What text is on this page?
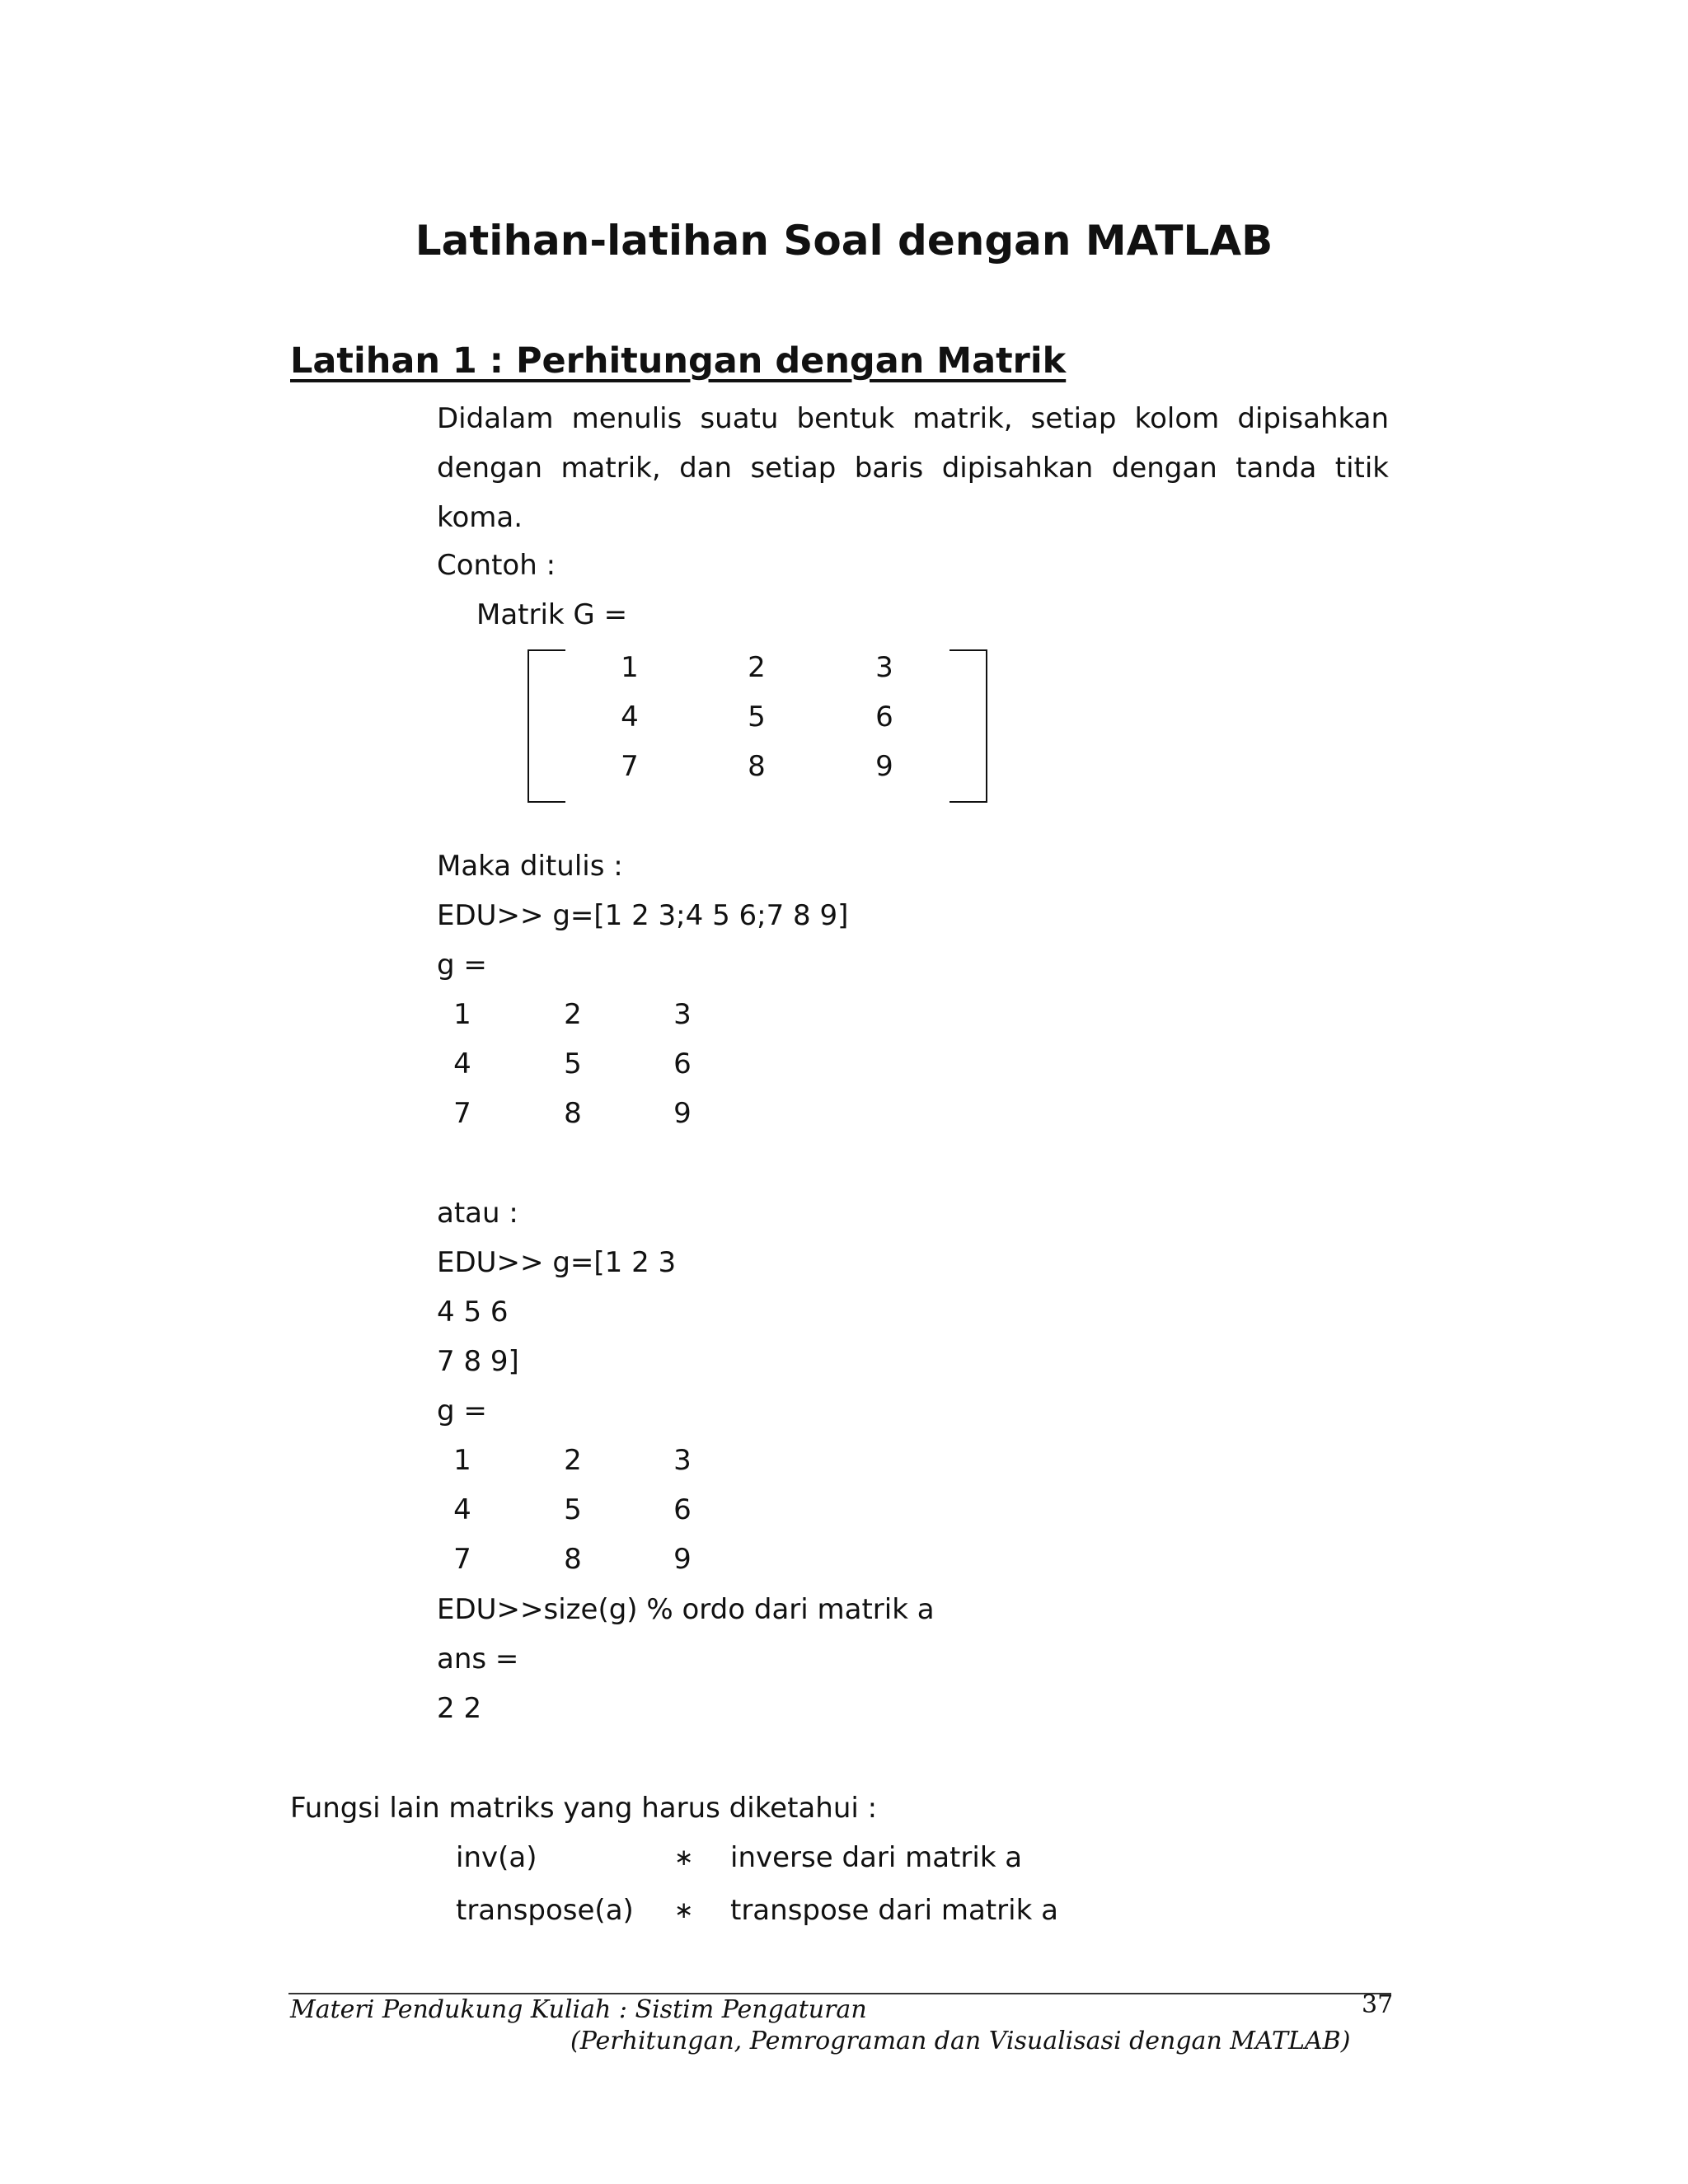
Latihan-latihan Soal dengan MATLAB
Latihan 1 : Perhitungan dengan Matrik
Didalam menulis suatu bentuk matrik, setiap kolom dipisahkan dengan matrik, dan setiap baris dipisahkan dengan tanda titik koma.
Contoh :
Matrik G =
1	2	3
4	5	6
7	8	9
Maka ditulis :
EDU>> g=[1 2 3;4 5 6;7 8 9]
g =
1	2	3
4	5	6
7	8	9
atau :
EDU>> g=[1 2 3
4 5 6
7 8 9]
g =
1	2	3
4	5	6
7	8	9
EDU>>size(g) % ordo dari matrik a
ans =
2 2
Fungsi lain matriks yang harus diketahui :
inv(a)	∗ inverse dari matrik a
transpose(a) ∗ transpose dari matrik a
Materi Pendukung Kuliah : Sistim Pengaturan
(Perhitungan, Pemrograman dan Visualisasi dengan MATLAB)
37
